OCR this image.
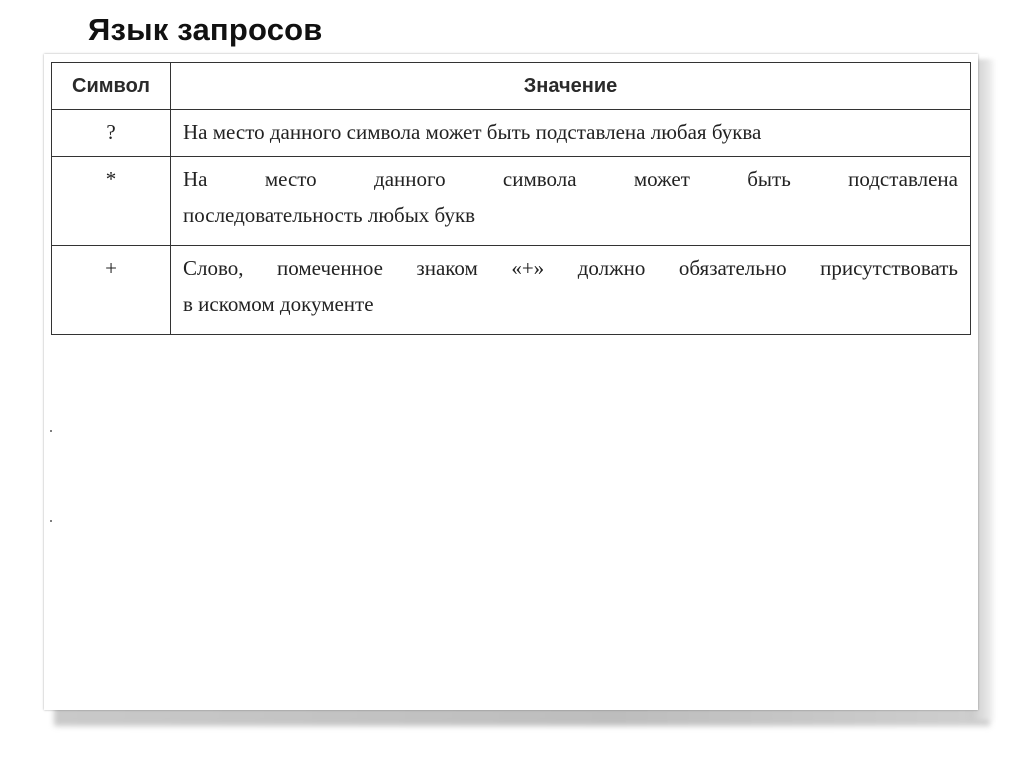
Язык запросов
Символ	Значение
?	На место данного символа может быть подставлена любая буква

*	На место данного символа может быть подставлена
последовательность любых букв

+	Слово, помеченное знаком «+» должно обязательно присутствовать
в искомом документе
